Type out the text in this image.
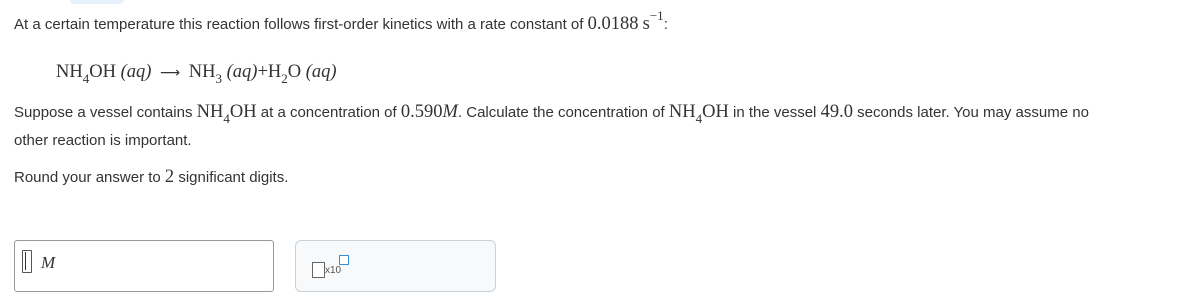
At a certain temperature this reaction follows first-order kinetics with a rate constant of 0.0188 s−1:
$NH_4OH$ (aq) ⟶ $NH_3$ $(aq)+H_2O$ (aq)
Suppose a vessel contains $NH_4OH$ at a concentration of 0.590M. Calculate the concentration of $NH_4OH$ in the vessel 49.0 seconds later. You may assume no
other reaction is important.
Round your answer to 2 significant digits.
M	x10
